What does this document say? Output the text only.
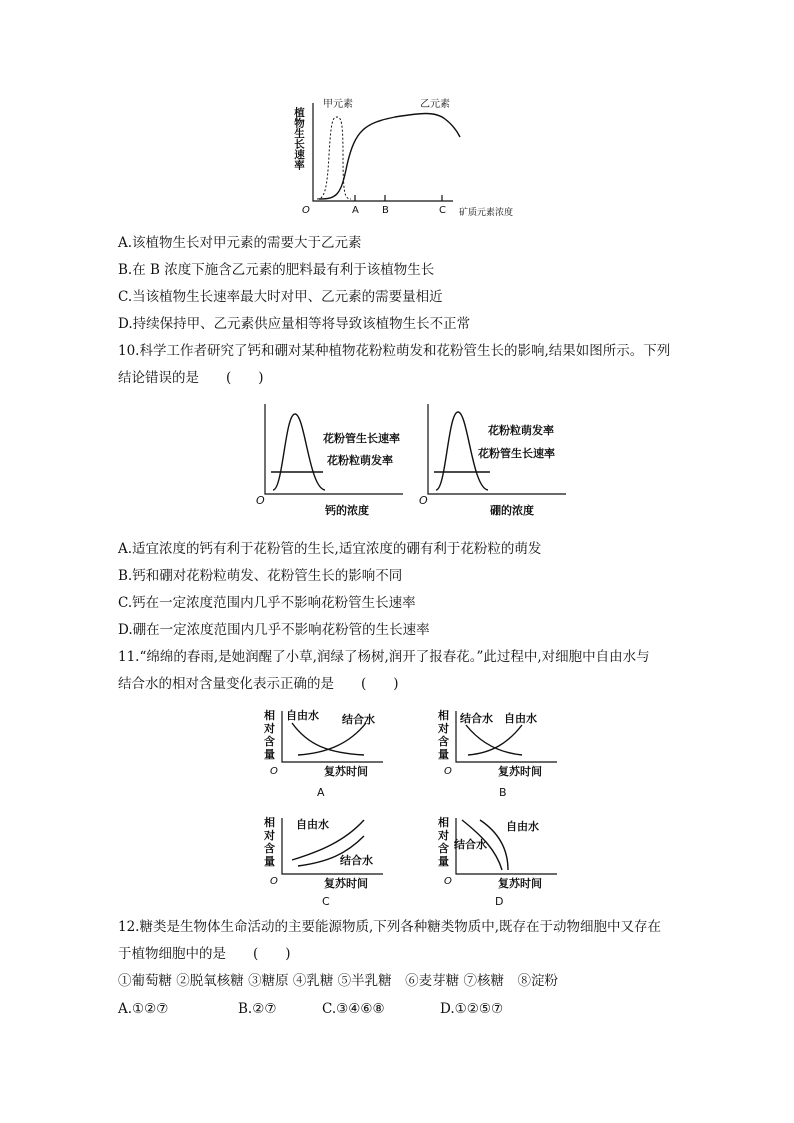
植物生长速率
O	A B	C 矿质元素浓度
甲元素	乙元素
A.该植物生长对甲元素的需要大于乙元素
B.在 B 浓度下施含乙元素的肥料最有利于该植物生长
C.当该植物生长速率最大时对甲、乙元素的需要量相近
D.持续保持甲、乙元素供应量相等将导致该植物生长不正常
10.科学工作者研究了钙和硼对某种植物花粉粒萌发和花粉管生长的影响,结果如图所示。下列
结论错误的是　　(　　)
O
花粉管生长速率
花粉粒萌发率
钙的浓度
O
花粉粒萌发率
花粉管生长速率
硼的浓度
A.适宜浓度的钙有利于花粉管的生长,适宜浓度的硼有利于花粉粒的萌发
B.钙和硼对花粉粒萌发、花粉管生长的影响不同
C.钙在一定浓度范围内几乎不影响花粉管生长速率
D.硼在一定浓度范围内几乎不影响花粉管的生长速率
11.“绵绵的春雨,是她润醒了小草,润绿了杨树,润开了报春花。”此过程中,对细胞中自由水与
结合水的相对含量变化表示正确的是　　(　　)
相
对
含
量
O	复苏时间
自由水 结合水
A
相
对
含
量
O	复苏时间
结合水 自由水
B
相
对
含
量
O	复苏时间
自由水
结合水
C
相
对
含
量
O	复苏时间
结合水
自由水
D
12.糖类是生物体生命活动的主要能源物质,下列各种糖类物质中,既存在于动物细胞中又存在
于植物细胞中的是　　(　　)
①葡萄糖 ②脱氧核糖 ③糖原 ④乳糖 ⑤半乳糖　⑥麦芽糖 ⑦核糖　⑧淀粉
A.①②⑦	B.②⑦	C.③④⑥⑧	D.①②⑤⑦
